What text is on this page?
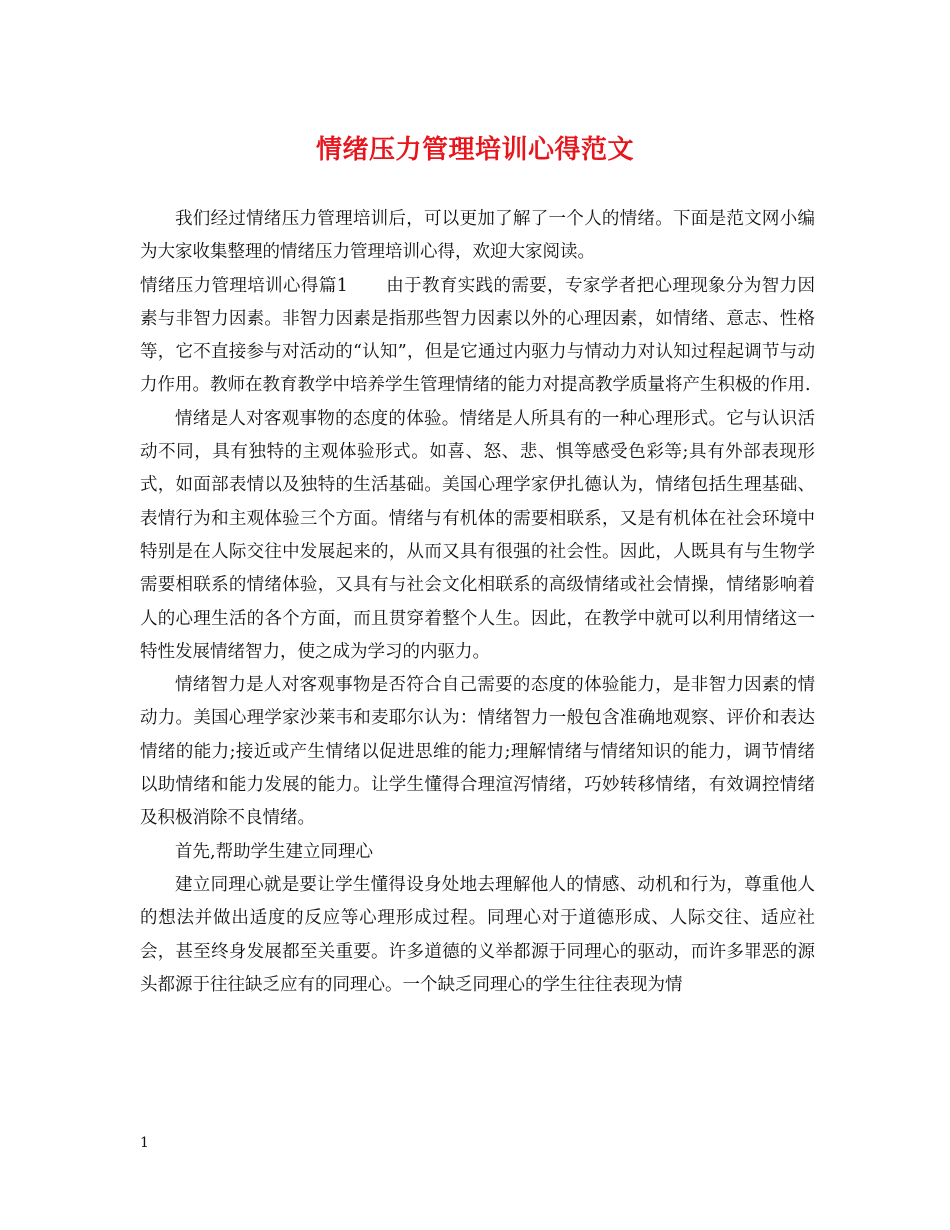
情绪压力管理培训心得范文

我们经过情绪压力管理培训后，可以更加了解了一个人的情绪。下面是范文网小编为大家收集整理的情绪压力管理培训心得，欢迎大家阅读。

情绪压力管理培训心得篇1 由于教育实践的需要，专家学者把心理现象分为智力因素与非智力因素。非智力因素是指那些智力因素以外的心理因素，如情绪、意志、性格等，它不直接参与对活动的“认知”，但是它通过内驱力与情动力对认知过程起调节与动力作用。教师在教育教学中培养学生管理情绪的能力对提高教学质量将产生积极的作用.

情绪是人对客观事物的态度的体验。情绪是人所具有的一种心理形式。它与认识活动不同，具有独特的主观体验形式。如喜、怒、悲、惧等感受色彩等;具有外部表现形式，如面部表情以及独特的生活基础。美国心理学家伊扎德认为，情绪包括生理基础、表情行为和主观体验三个方面。情绪与有机体的需要相联系，又是有机体在社会环境中特别是在人际交往中发展起来的，从而又具有很强的社会性。因此，人既具有与生物学需要相联系的情绪体验，又具有与社会文化相联系的高级情绪或社会情操，情绪影响着人的心理生活的各个方面，而且贯穿着整个人生。因此，在教学中就可以利用情绪这一特性发展情绪智力，使之成为学习的内驱力。

情绪智力是人对客观事物是否符合自己需要的态度的体验能力，是非智力因素的情动力。美国心理学家沙莱韦和麦耶尔认为：情绪智力一般包含准确地观察、评价和表达情绪的能力;接近或产生情绪以促进思维的能力;理解情绪与情绪知识的能力，调节情绪以助情绪和能力发展的能力。让学生懂得合理渲泻情绪，巧妙转移情绪，有效调控情绪及积极消除不良情绪。

首先,帮助学生建立同理心

建立同理心就是要让学生懂得设身处地去理解他人的情感、动机和行为，尊重他人的想法并做出适度的反应等心理形成过程。同理心对于道德形成、人际交往、适应社会，甚至终身发展都至关重要。许多道德的义举都源于同理心的驱动，而许多罪恶的源头都源于往往缺乏应有的同理心。一个缺乏同理心的学生往往表现为情

1
